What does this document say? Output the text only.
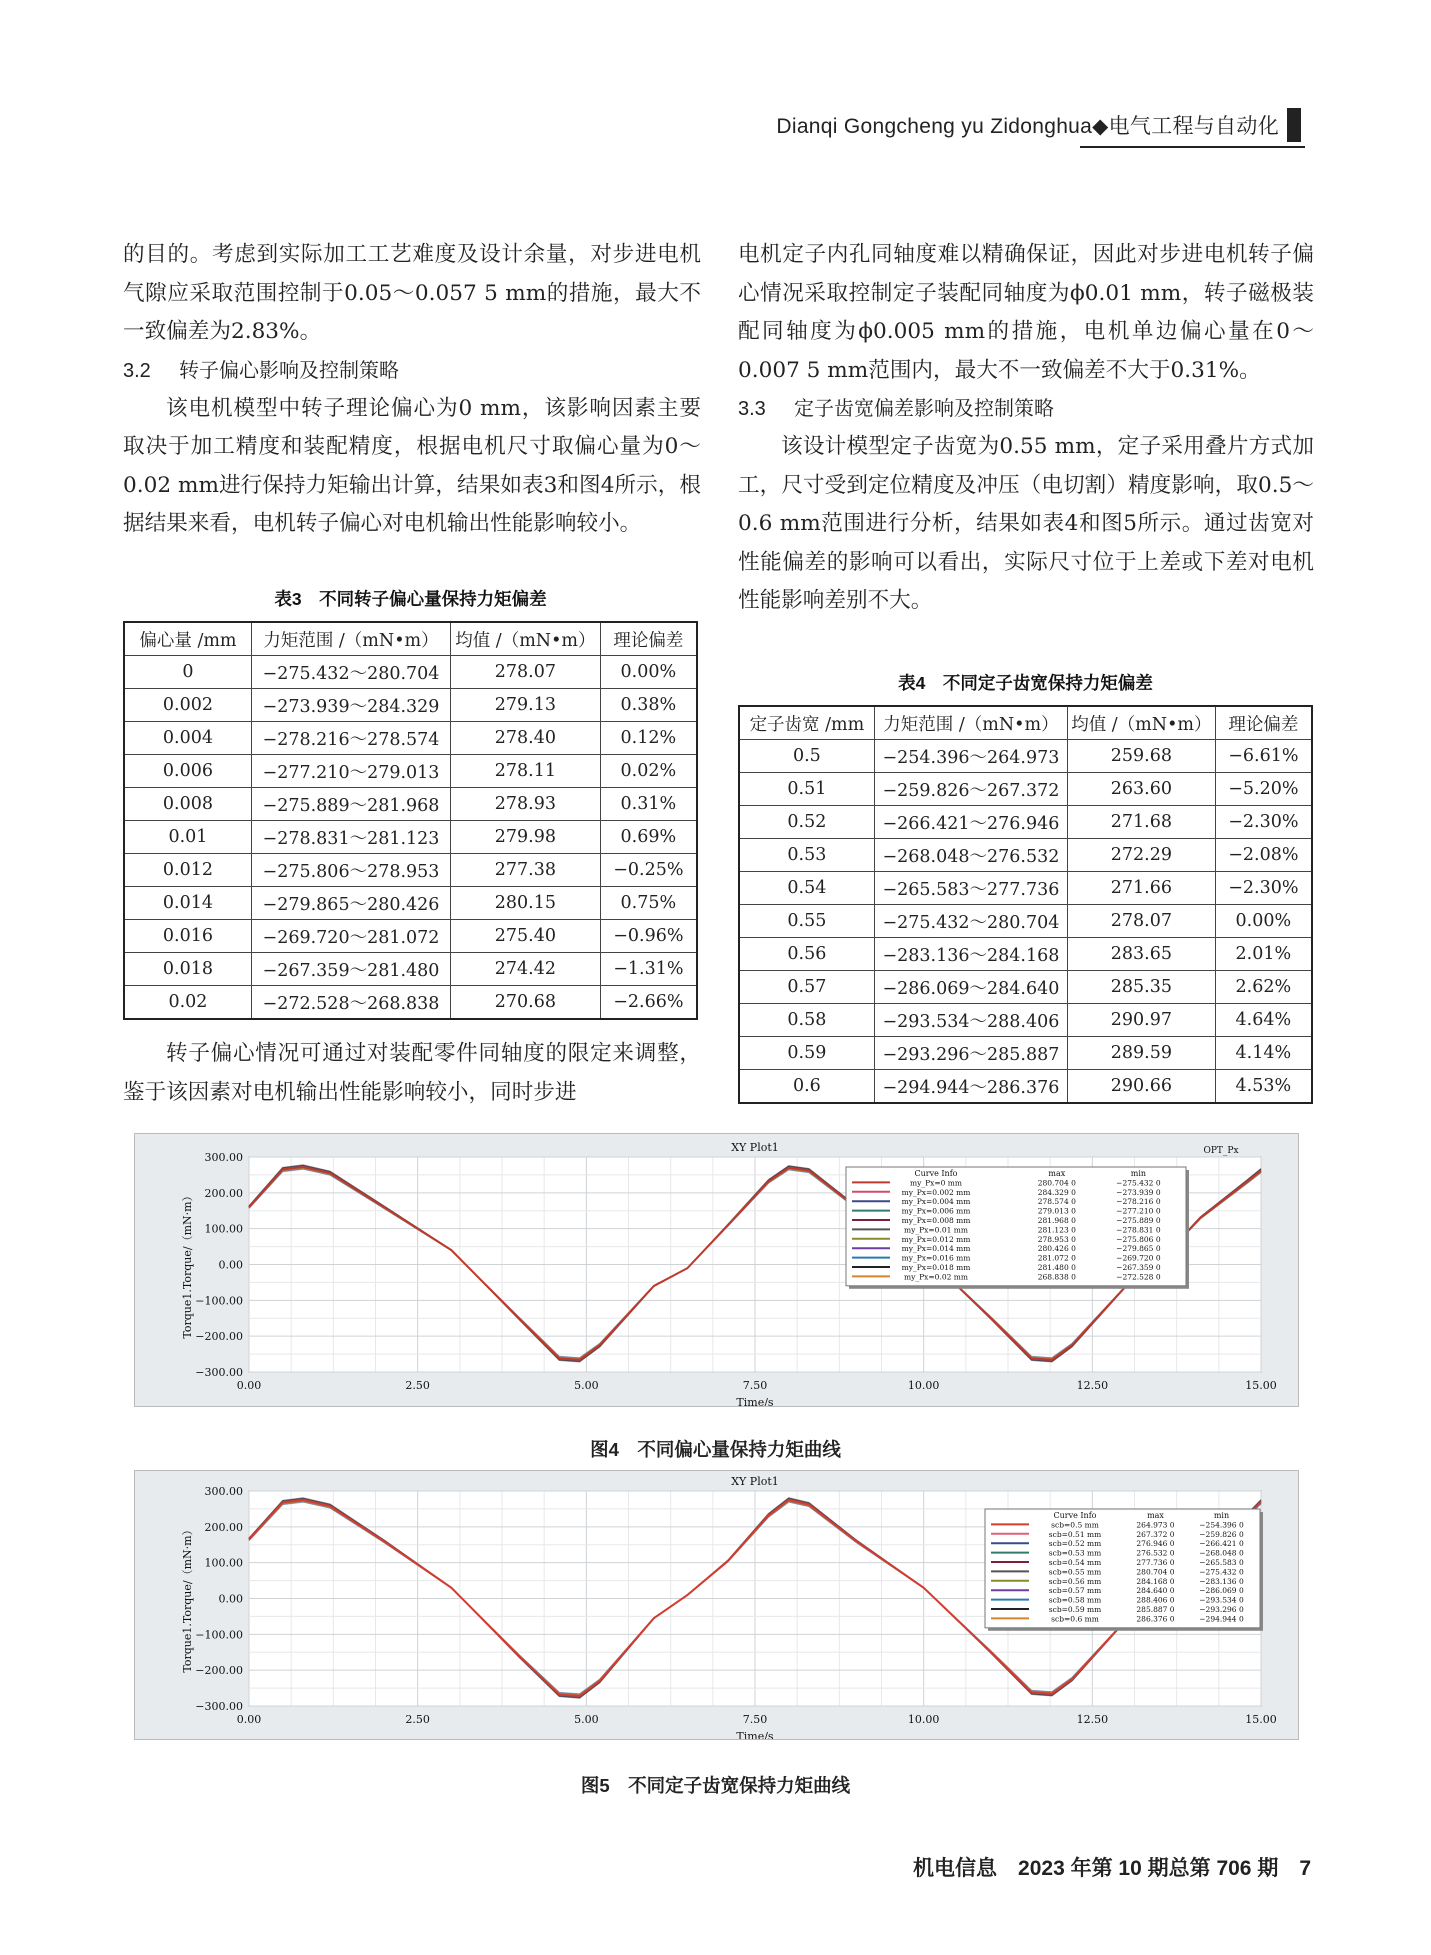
Dianqi Gongcheng yu Zidonghua◆电气工程与自动化

的目的。考虑到实际加工工艺难度及设计余量，对步进电机气隙应采取范围控制于0.05～0.057 5 mm的措施，最大不一致偏差为2.83%。

3.2 转子偏心影响及控制策略

该电机模型中转子理论偏心为0 mm，该影响因素主要取决于加工精度和装配精度，根据电机尺寸取偏心量为0～0.02 mm进行保持力矩输出计算，结果如表3和图4所示，根据结果来看，电机转子偏心对电机输出性能影响较小。

表3　不同转子偏心量保持力矩偏差
偏心量 /mm	力矩范围 /（mN•m）	均值 /（mN•m）	理论偏差
0	−275.432～280.704	278.07	0.00%
0.002	−273.939～284.329	279.13	0.38%
0.004	−278.216～278.574	278.40	0.12%
0.006	−277.210～279.013	278.11	0.02%
0.008	−275.889～281.968	278.93	0.31%
0.01	−278.831～281.123	279.98	0.69%
0.012	−275.806～278.953	277.38	−0.25%
0.014	−279.865～280.426	280.15	0.75%
0.016	−269.720～281.072	275.40	−0.96%
0.018	−267.359～281.480	274.42	−1.31%
0.02	−272.528～268.838	270.68	−2.66%

转子偏心情况可通过对装配零件同轴度的限定来调整，鉴于该因素对电机输出性能影响较小，同时步进

电机定子内孔同轴度难以精确保证，因此对步进电机转子偏心情况采取控制定子装配同轴度为ϕ0.01 mm，转子磁极装配同轴度为ϕ0.005 mm的措施，电机单边偏心量在0～0.007 5 mm范围内，最大不一致偏差不大于0.31%。

3.3 定子齿宽偏差影响及控制策略

该设计模型定子齿宽为0.55 mm，定子采用叠片方式加工，尺寸受到定位精度及冲压（电切割）精度影响，取0.5～0.6 mm范围进行分析，结果如表4和图5所示。通过齿宽对性能偏差的影响可以看出，实际尺寸位于上差或下差对电机性能影响差别不大。

表4　不同定子齿宽保持力矩偏差
定子齿宽 /mm	力矩范围 /（mN•m）	均值 /（mN•m）	理论偏差
0.5	−254.396～264.973	259.68	−6.61%
0.51	−259.826～267.372	263.60	−5.20%
0.52	−266.421～276.946	271.68	−2.30%
0.53	−268.048～276.532	272.29	−2.08%
0.54	−265.583～277.736	271.66	−2.30%
0.55	−275.432～280.704	278.07	0.00%
0.56	−283.136～284.168	283.65	2.01%
0.57	−286.069～284.640	285.35	2.62%
0.58	−293.534～288.406	290.97	4.64%
0.59	−293.296～285.887	289.59	4.14%
0.6	−294.944～286.376	290.66	4.53%
0.00	2.50	5.00	7.50	10.00	12.50	15.00
300.00
200.00
100.00
0.00
−100.00
−200.00
−300.00
XY Plot1	OPT_Px
Time/s
Torque1.Torque/（mN·m）
Curve Info	max	min
my_Px=0 mm	280.704 0	−275.432 0
my_Px=0.002 mm	284.329 0	−273.939 0
my_Px=0.004 mm	278.574 0	−278.216 0
my_Px=0.006 mm	279.013 0	−277.210 0
my_Px=0.008 mm	281.968 0	−275.889 0
my_Px=0.01 mm	281.123 0	−278.831 0
my_Px=0.012 mm	278.953 0	−275.806 0
my_Px=0.014 mm	280.426 0	−279.865 0
my_Px=0.016 mm	281.072 0	−269.720 0
my_Px=0.018 mm	281.480 0	−267.359 0
my_Px=0.02 mm	268.838 0	−272.528 0
图4　不同偏心量保持力矩曲线
0.00	2.50	5.00	7.50	10.00	12.50	15.00
300.00
200.00
100.00
0.00
−100.00
−200.00
−300.00
XY Plot1
Time/s
Torque1.Torque/（mN·m）
Curve Info	max	min
scb=0.5 mm	264.973 0	−254.396 0
scb=0.51 mm	267.372 0	−259.826 0
scb=0.52 mm	276.946 0	−266.421 0
scb=0.53 mm	276.532 0	−268.048 0
scb=0.54 mm	277.736 0	−265.583 0
scb=0.55 mm	280.704 0	−275.432 0
scb=0.56 mm	284.168 0	−283.136 0
scb=0.57 mm	284.640 0	−286.069 0
scb=0.58 mm	288.406 0	−293.534 0
scb=0.59 mm	285.887 0	−293.296 0
scb=0.6 mm	286.376 0	−294.944 0
图5　不同定子齿宽保持力矩曲线
机电信息　2023 年第 10 期总第 706 期　7
